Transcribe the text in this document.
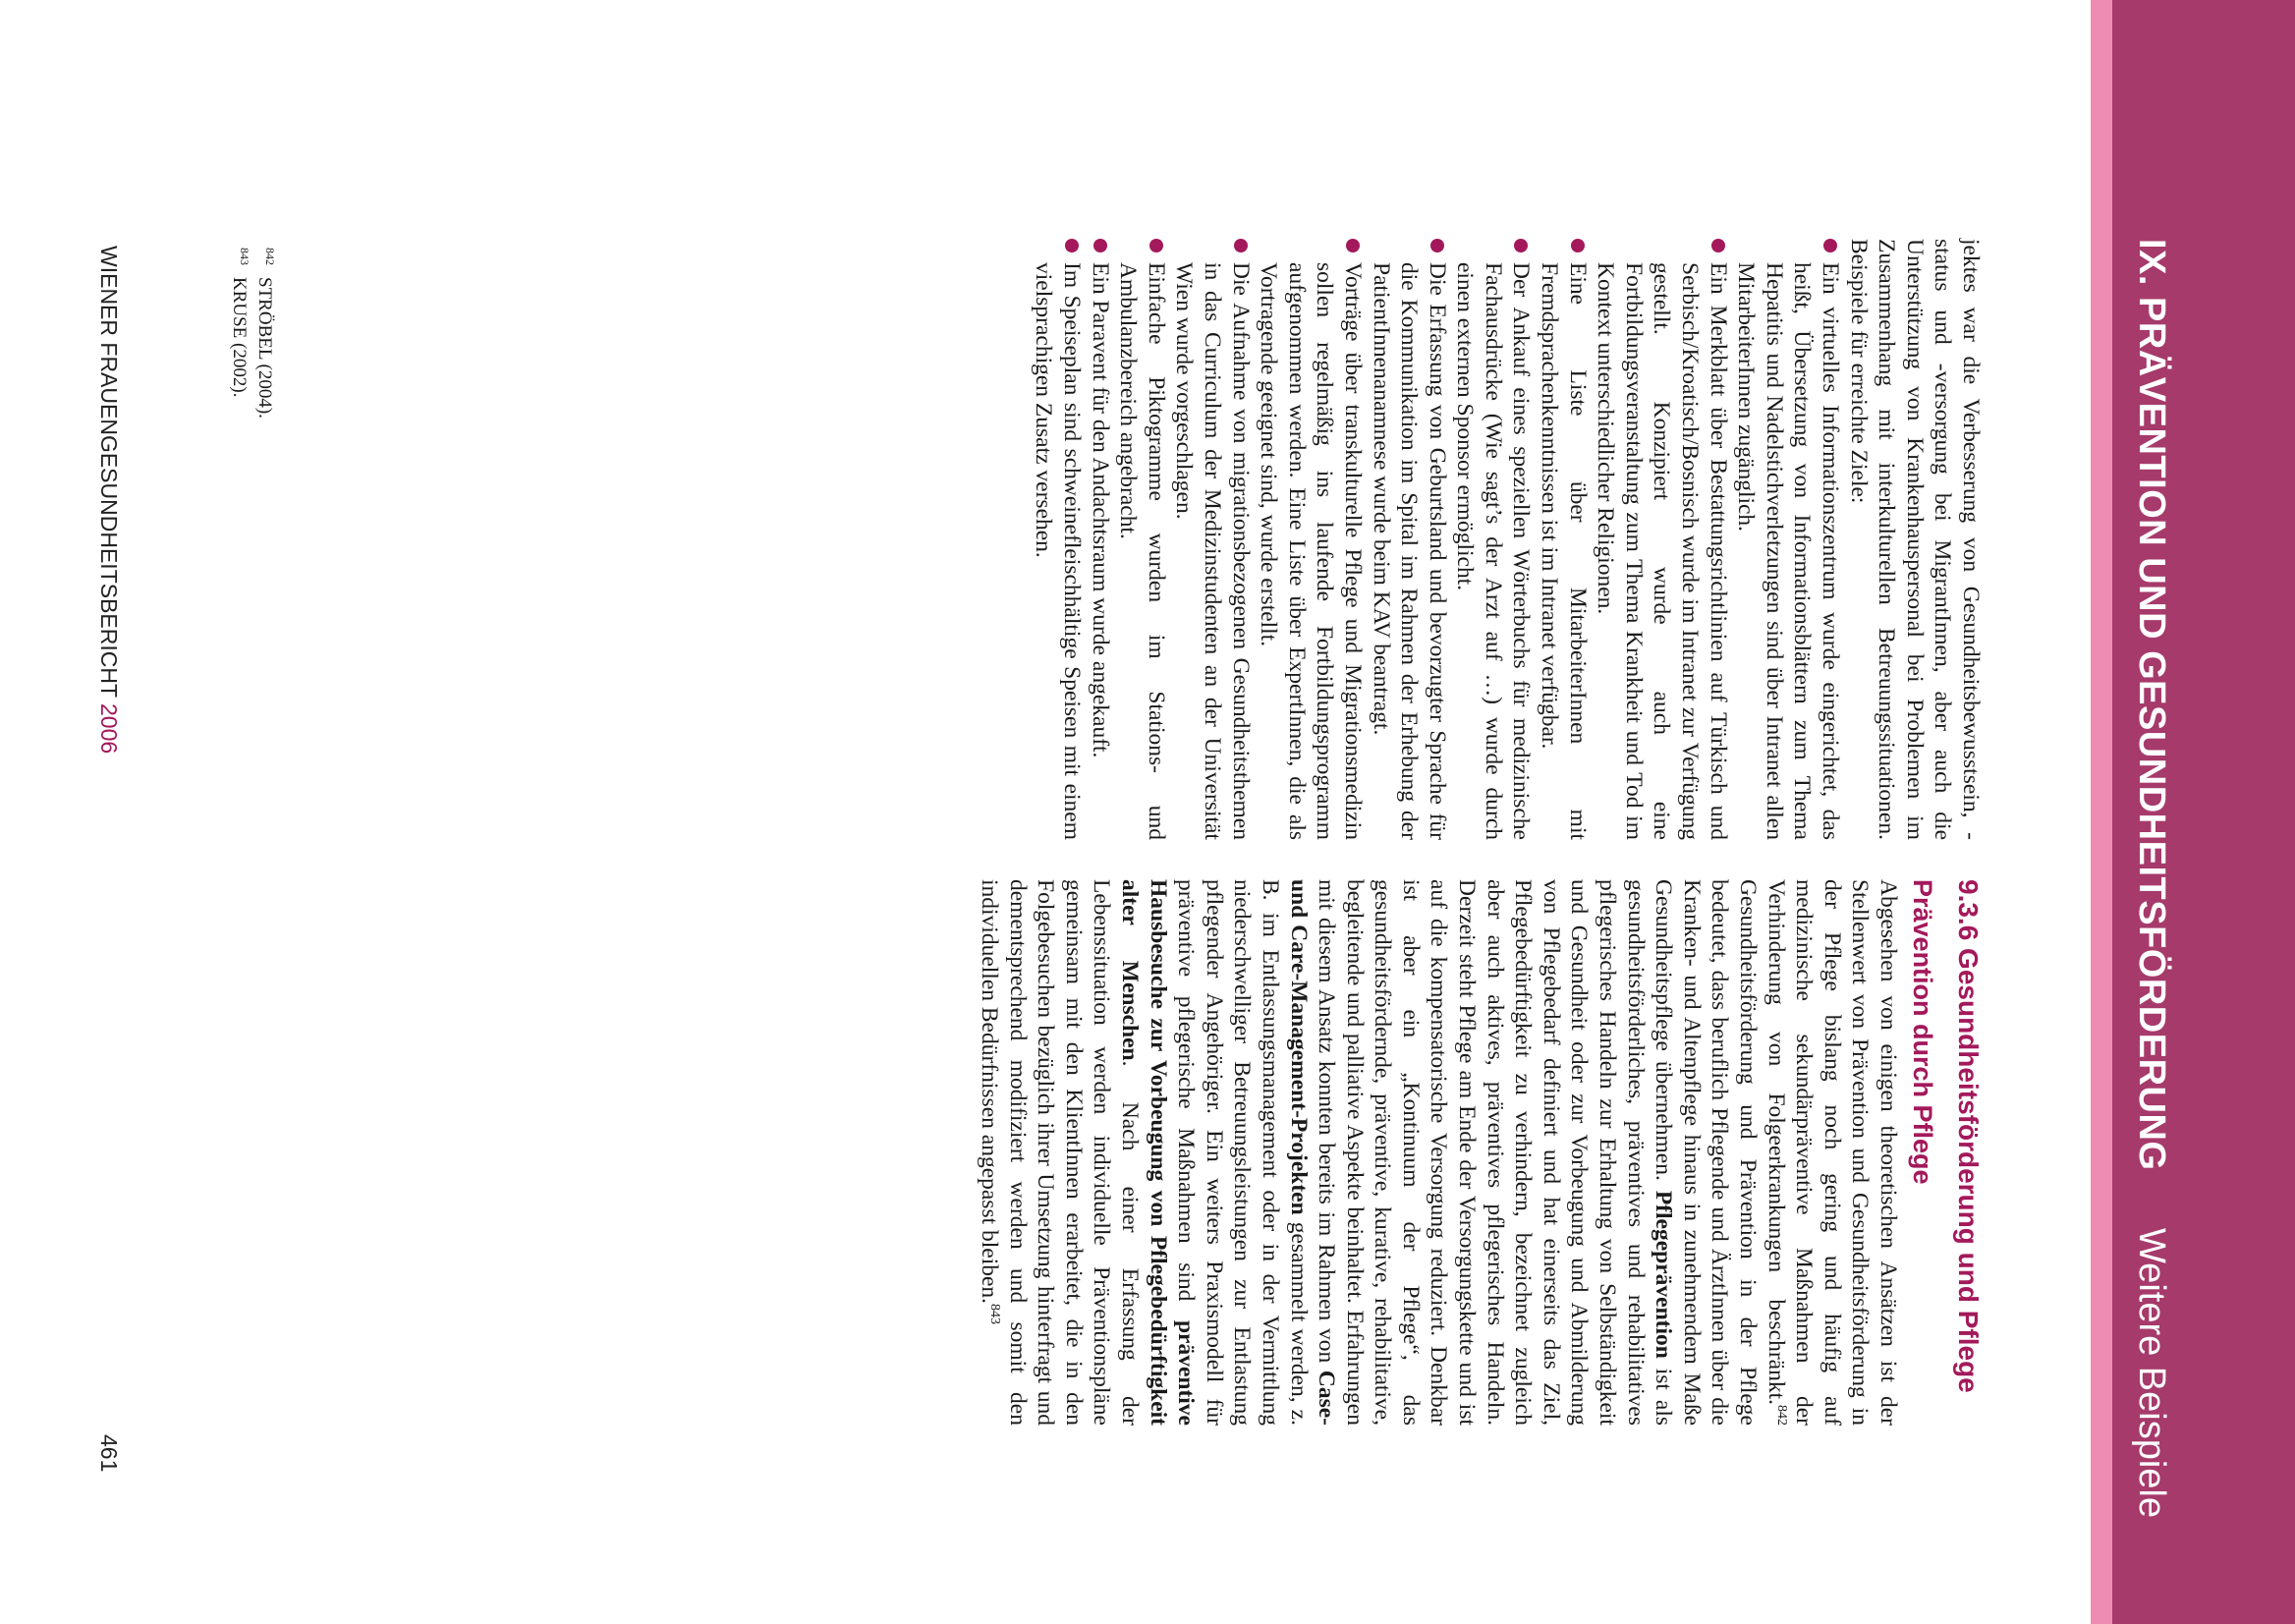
IX. PRÄVENTION UND GESUNDHEITSFÖRDERUNG
Weitere Beispiele
9.3.6 Gesundheitsförderung und Pflege
Prävention durch Pflege

Abgesehen von einigen theoretischen Ansätzen ist der Stellenwert von Prävention und Gesundheitsförderung in der Pflege bislang noch gering und häufig auf medizinische sekundärpräventive Maßnahmen der Verhinderung von Folgeerkrankungen beschränkt.$^{842}$ Gesundheitsförderung und Prävention in der Pflege bedeutet, dass beruflich Pflegende und ÄrztInnen über die Kranken- und Altenpflege hinaus in zunehmendem Maße Gesundheitspflege übernehmen. Pflegeprävention ist als gesundheitsförderliches, präventives und rehabilitatives pflegerisches Handeln zur Erhaltung von Selbständigkeit und Gesundheit oder zur Vorbeugung und Abmilderung von Pflegebedarf definiert und hat einerseits das Ziel, Pflegebedürftigkeit zu verhindern, bezeichnet zugleich aber auch aktives, präventives pflegerisches Handeln. Derzeit steht Pflege am Ende der Versorgungskette und ist auf die kompensatorische Versorgung reduziert. Denkbar ist aber ein „Kontinuum der Pflege“, das gesundheitsfördernde, präventive, kurative, rehabilitative, begleitende und palliative Aspekte beinhaltet. Erfahrungen mit diesem Ansatz konnten bereits im Rahmen von Case- und Care-Management-Projekten gesammelt werden, z. B. im Entlassungsmanagement oder in der Vermittlung niederschwelliger Betreuungsleistungen zur Entlastung pflegender Angehöriger. Ein weiters Praxismodell für präventive pflegerische Maßnahmen sind präventive Hausbesuche zur Vorbeugung von Pflegebedürftigkeit alter Menschen. Nach einer Erfassung der Lebenssituation werden individuelle Präventionspläne gemeinsam mit den KlientInnen erarbeitet, die in den Folgebesuchen bezüglich ihrer Umsetzung hinterfragt und dementsprechend modifiziert werden und somit den individuellen Bedürfnissen angepasst bleiben.$^{843}$

jektes war die Verbesserung von Gesundheitsbewusstsein, -status und -versorgung bei MigrantInnen, aber auch die Unterstützung von Krankenhauspersonal bei Problemen im Zusammenhang mit interkulturellen Betreuungssituationen. Beispiele für erreichte Ziele:

Ein virtuelles Informationszentrum wurde eingerichtet, das heißt, Übersetzung von Informationsblättern zum Thema Hepatitis und Nadelstichverletzungen sind über Intranet allen MitarbeiterInnen zugänglich.
Ein Merkblatt über Bestattungsrichtlinien auf Türkisch und Serbisch/Kroatisch/Bosnisch wurde im Intranet zur Verfügung gestellt. Konzipiert wurde auch eine Fortbildungsveranstaltung zum Thema Krankheit und Tod im Kontext unterschiedlicher Religionen.
Eine Liste über MitarbeiterInnen mit Fremdsprachenkenntnissen ist im Intranet verfügbar.
Der Ankauf eines speziellen Wörterbuchs für medizinische Fachausdrücke (Wie sagt’s der Arzt auf …) wurde durch einen externen Sponsor ermöglicht.
Die Erfassung von Geburtsland und bevorzugter Sprache für die Kommunikation im Spital im Rahmen der Erhebung der PatientInnenanamnese wurde beim KAV beantragt.
Vorträge über transkulturelle Pflege und Migrationsmedizin sollen regelmäßig ins laufende Fortbildungsprogramm aufgenommen werden. Eine Liste über ExpertInnen, die als Vortragende geeignet sind, wurde erstellt.
Die Aufnahme von migrationsbezogenen Gesundheitsthemen in das Curriculum der Medizinstudenten an der Universität Wien wurde vorgeschlagen.
Einfache Piktogramme wurden im Stations- und Ambulanzbereich angebracht.
Ein Paravent für den Andachtsraum wurde angekauft.
Im Speiseplan sind schweinefleischhältige Speisen mit einem vielsprachigen Zusatz versehen.
$^{842}$STRÖBEL (2004).
$^{843}$KRUSE (2002).
WIENER FRAUENGESUNDHEITSBERICHT 2006
461
